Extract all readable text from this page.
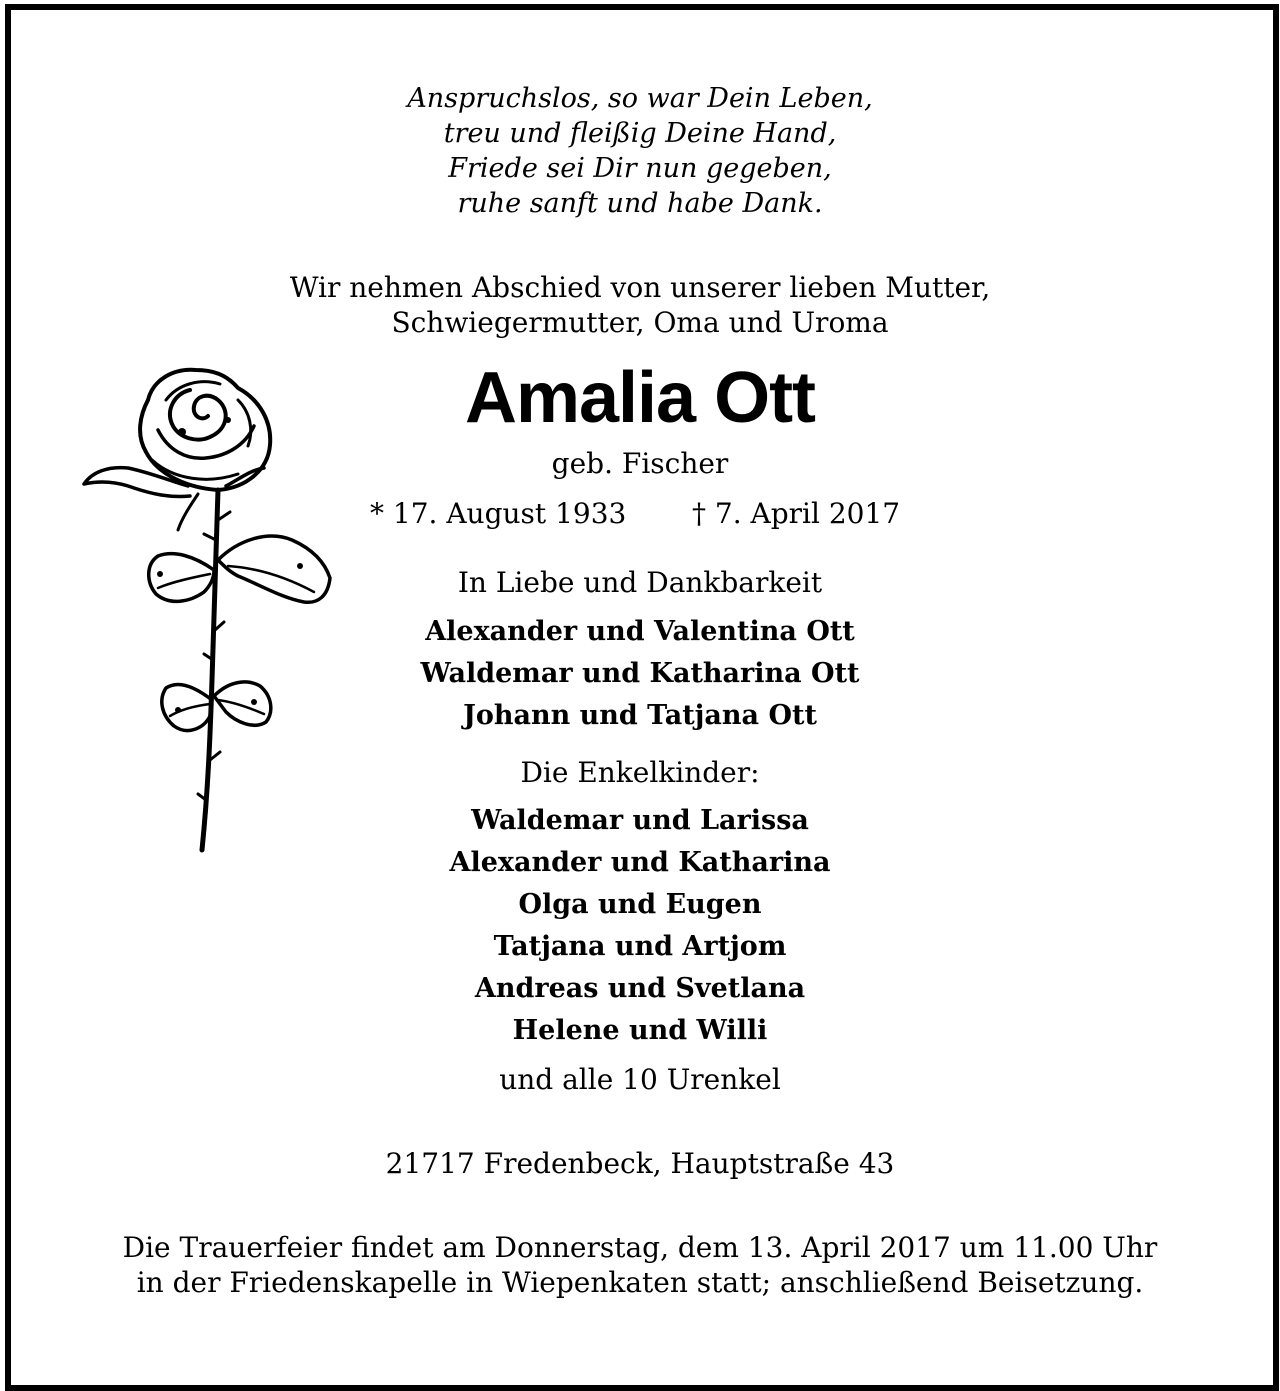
Anspruchslos, so war Dein Leben,
treu und fleißig Deine Hand,
Friede sei Dir nun gegeben,
ruhe sanft und habe Dank.
Wir nehmen Abschied von unserer lieben Mutter,
Schwiegermutter, Oma und Uroma
Amalia Ott
geb. Fischer
* 17. August 1933 † 7. April 2017
In Liebe und Dankbarkeit
Alexander und Valentina Ott
Waldemar und Katharina Ott
Johann und Tatjana Ott
Die Enkelkinder:
Waldemar und Larissa
Alexander und Katharina
Olga und Eugen
Tatjana und Artjom
Andreas und Svetlana
Helene und Willi
und alle 10 Urenkel
21717 Fredenbeck, Hauptstraße 43
Die Trauerfeier findet am Donnerstag, dem 13. April 2017 um 11.00 Uhr
in der Friedenskapelle in Wiepenkaten statt; anschließend Beisetzung.
